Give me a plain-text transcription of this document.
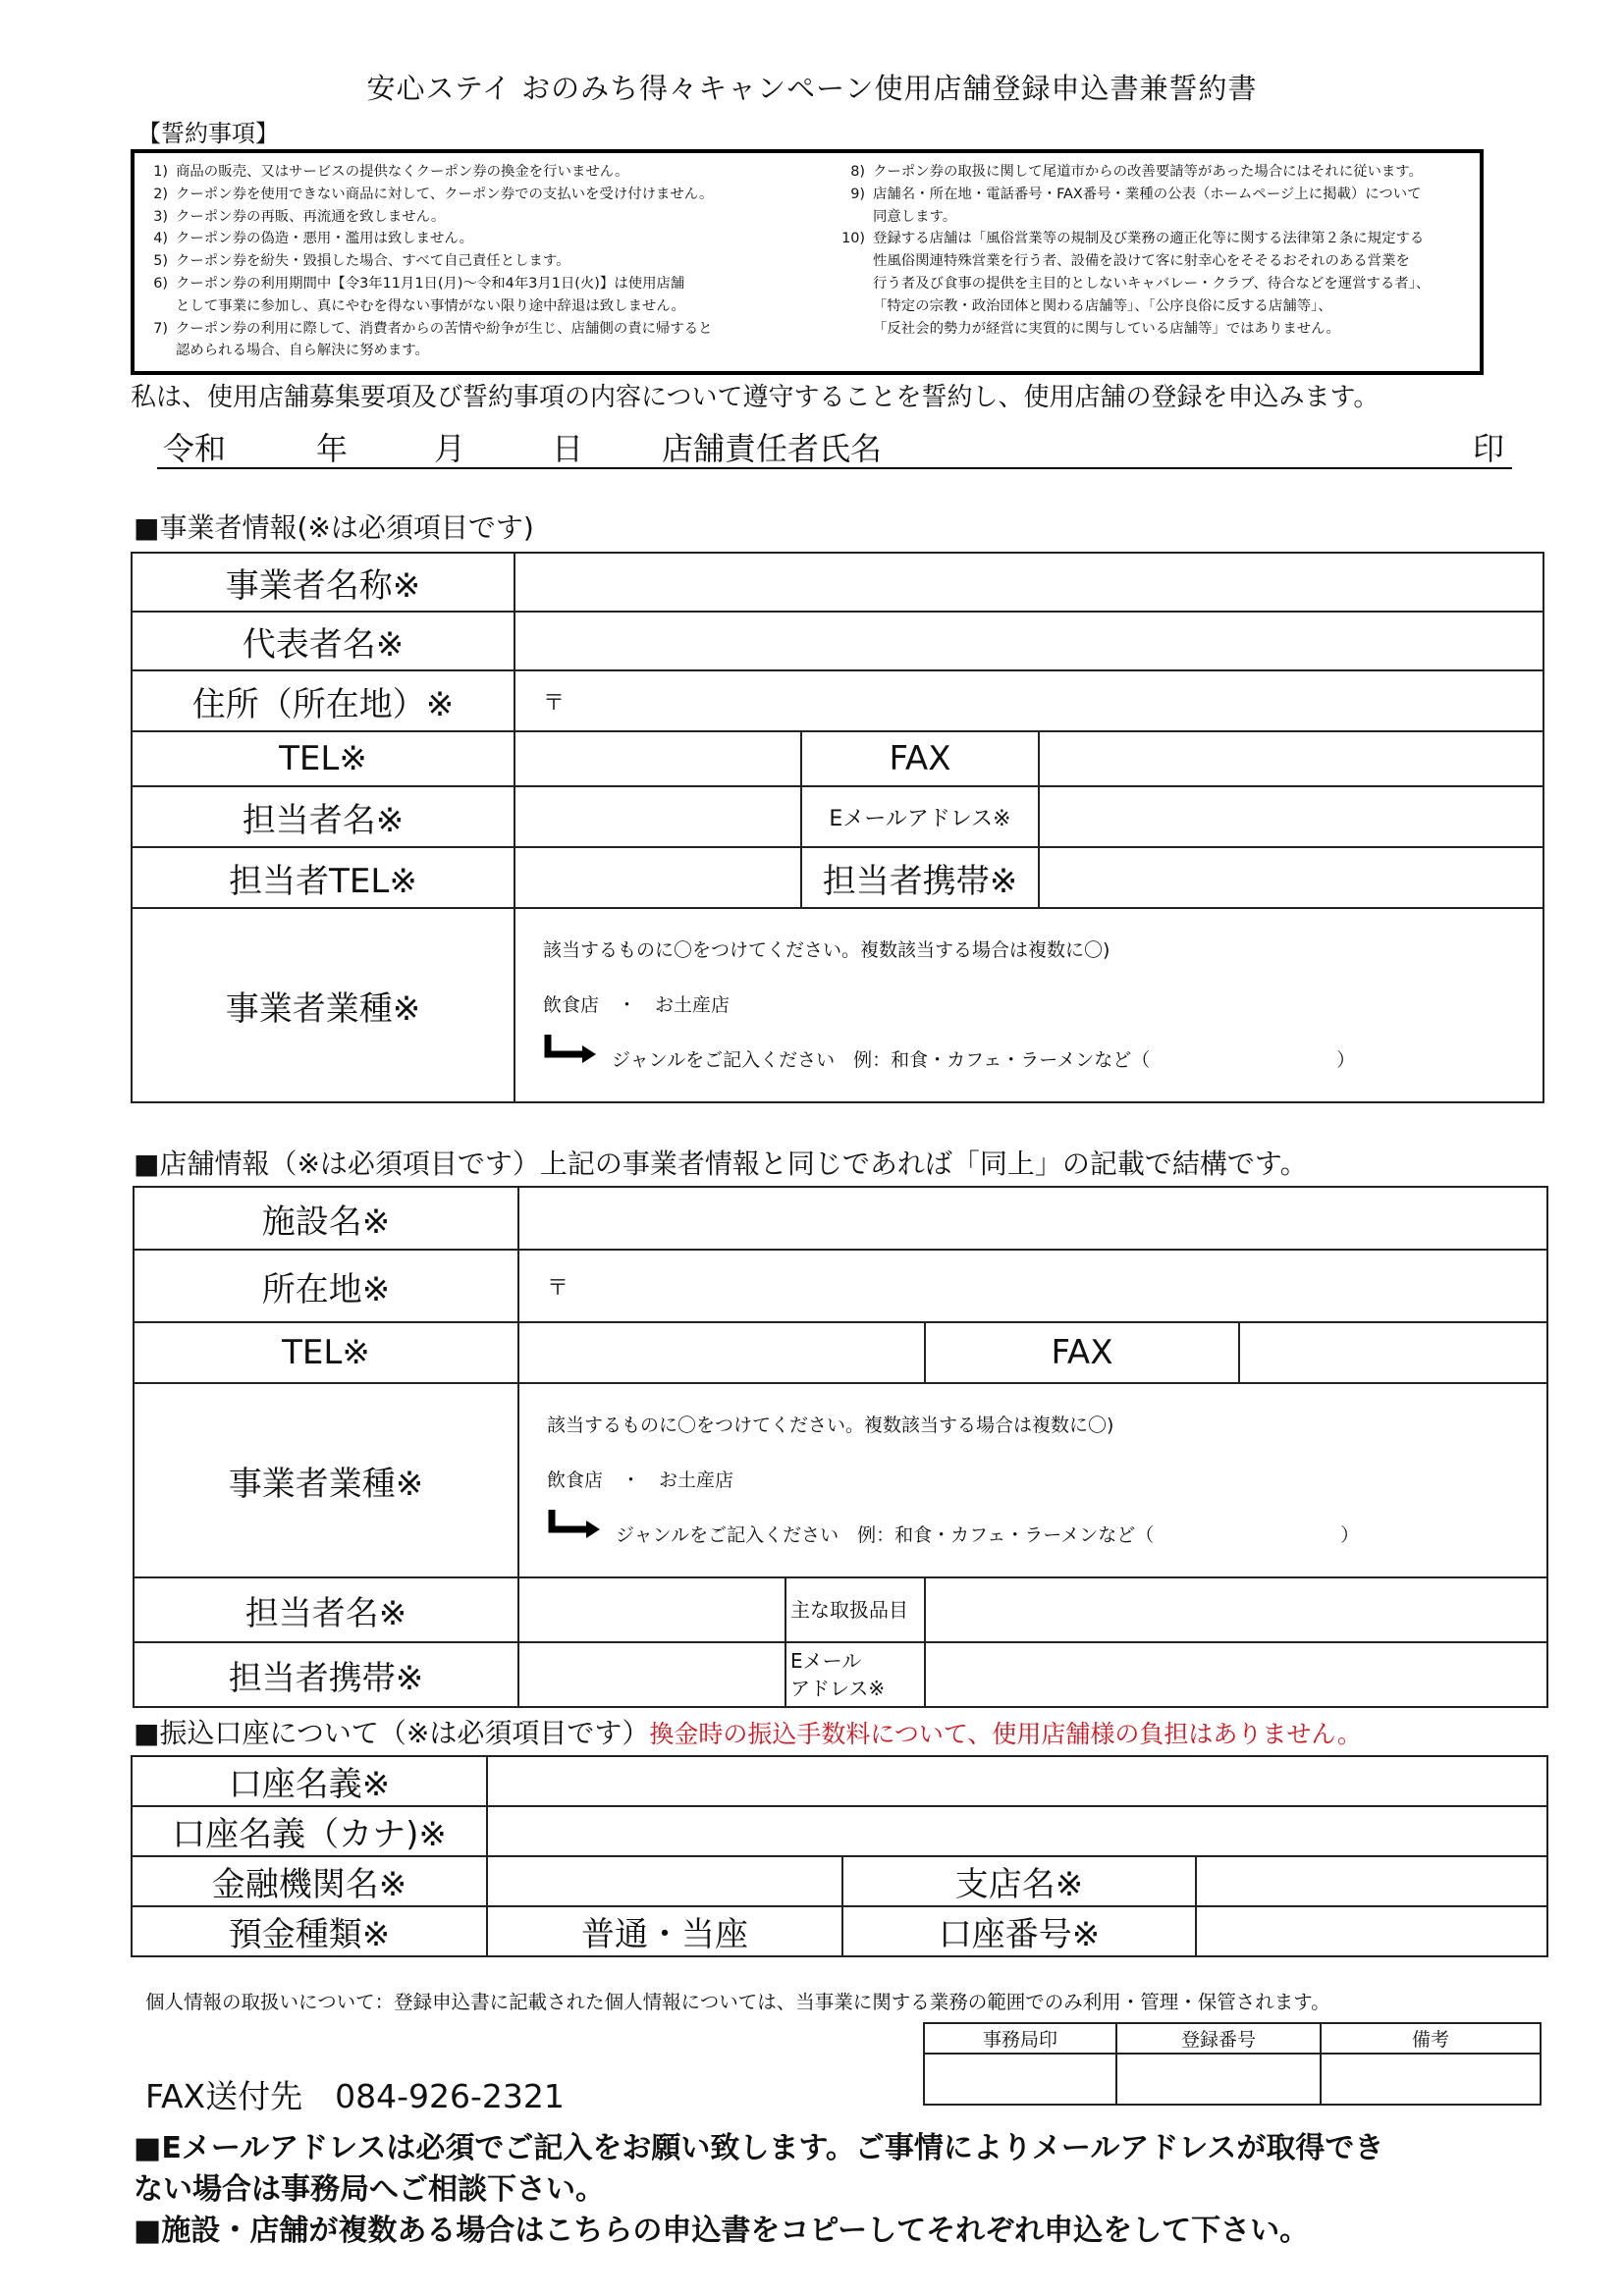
安心ステイ おのみち得々キャンペーン使用店舗登録申込書兼誓約書
【誓約事項】
1) 商品の販売、又はサービスの提供なくクーポン券の換金を行いません。
2) クーポン券を使用できない商品に対して、クーポン券での支払いを受け付けません。
3) クーポン券の再販、再流通を致しません。
4) クーポン券の偽造・悪用・濫用は致しません。
5) クーポン券を紛失・毀損した場合、すべて自己責任とします。
6) クーポン券の利用期間中【令3年11月1日(月)～令和4年3月1日(火)】は使用店舗
として事業に参加し、真にやむを得ない事情がない限り途中辞退は致しません。
7) クーポン券の利用に際して、消費者からの苦情や紛争が生じ、店舗側の責に帰すると
認められる場合、自ら解決に努めます。
8) クーポン券の取扱に関して尾道市からの改善要請等があった場合にはそれに従います。
9) 店舗名・所在地・電話番号・FAX番号・業種の公表（ホームページ上に掲載）について
同意します。
10) 登録する店舗は「風俗営業等の規制及び業務の適正化等に関する法律第２条に規定する
性風俗関連特殊営業を行う者、設備を設けて客に射幸心をそそるおそれのある営業を
行う者及び食事の提供を主目的としないキャバレー・クラブ、待合などを運営する者」、
「特定の宗教・政治団体と関わる店舗等」、「公序良俗に反する店舗等」、
「反社会的勢力が経営に実質的に関与している店舗等」ではありません。
私は、使用店舗募集要項及び誓約事項の内容について遵守することを誓約し、使用店舗の登録を申込みます。
令和	年	月	日 店舗責任者氏名	印
■事業者情報(※は必須項目です)
事業者名称※			
代表者名※			
住所（所在地）※	〒		
TEL※		FAX	
担当者名※		Eメールアドレス※	
担当者TEL※		担当者携帯※	
事業者業種※	該当するものに〇をつけてください。複数該当する場合は複数に〇)
飲食店　・　お土産店
ジャンルをご記入ください　例：和食・カフェ・ラーメンなど（　　　　　　　　　　）		
■店舗情報（※は必須項目です）上記の事業者情報と同じであれば「同上」の記載で結構です。
施設名※				
所在地※	〒			
TEL※			FAX	
事業者業種※	該当するものに〇をつけてください。複数該当する場合は複数に〇)
飲食店　・　お土産店
ジャンルをご記入ください　例：和食・カフェ・ラーメンなど（　　　　　　　　　　）			

担当者名※		主な取扱品目		
担当者携帯※		Eメール
アドレス※		

■振込口座について（※は必須項目です）換金時の振込手数料について、使用店舗様の負担はありません。
口座名義※			
口座名義（カナ)※			
金融機関名※		支店名※	
預金種類※	普通・当座	口座番号※	
個人情報の取扱いについて：登録申込書に記載された個人情報については、当事業に関する業務の範囲でのみ利用・管理・保管されます。
事務局印	登録番号	備考

FAX送付先　084-926-2321
■Eメールアドレスは必須でご記入をお願い致します。ご事情によりメールアドレスが取得でき
ない場合は事務局へご相談下さい。
■施設・店舗が複数ある場合はこちらの申込書をコピーしてそれぞれ申込をして下さい。
